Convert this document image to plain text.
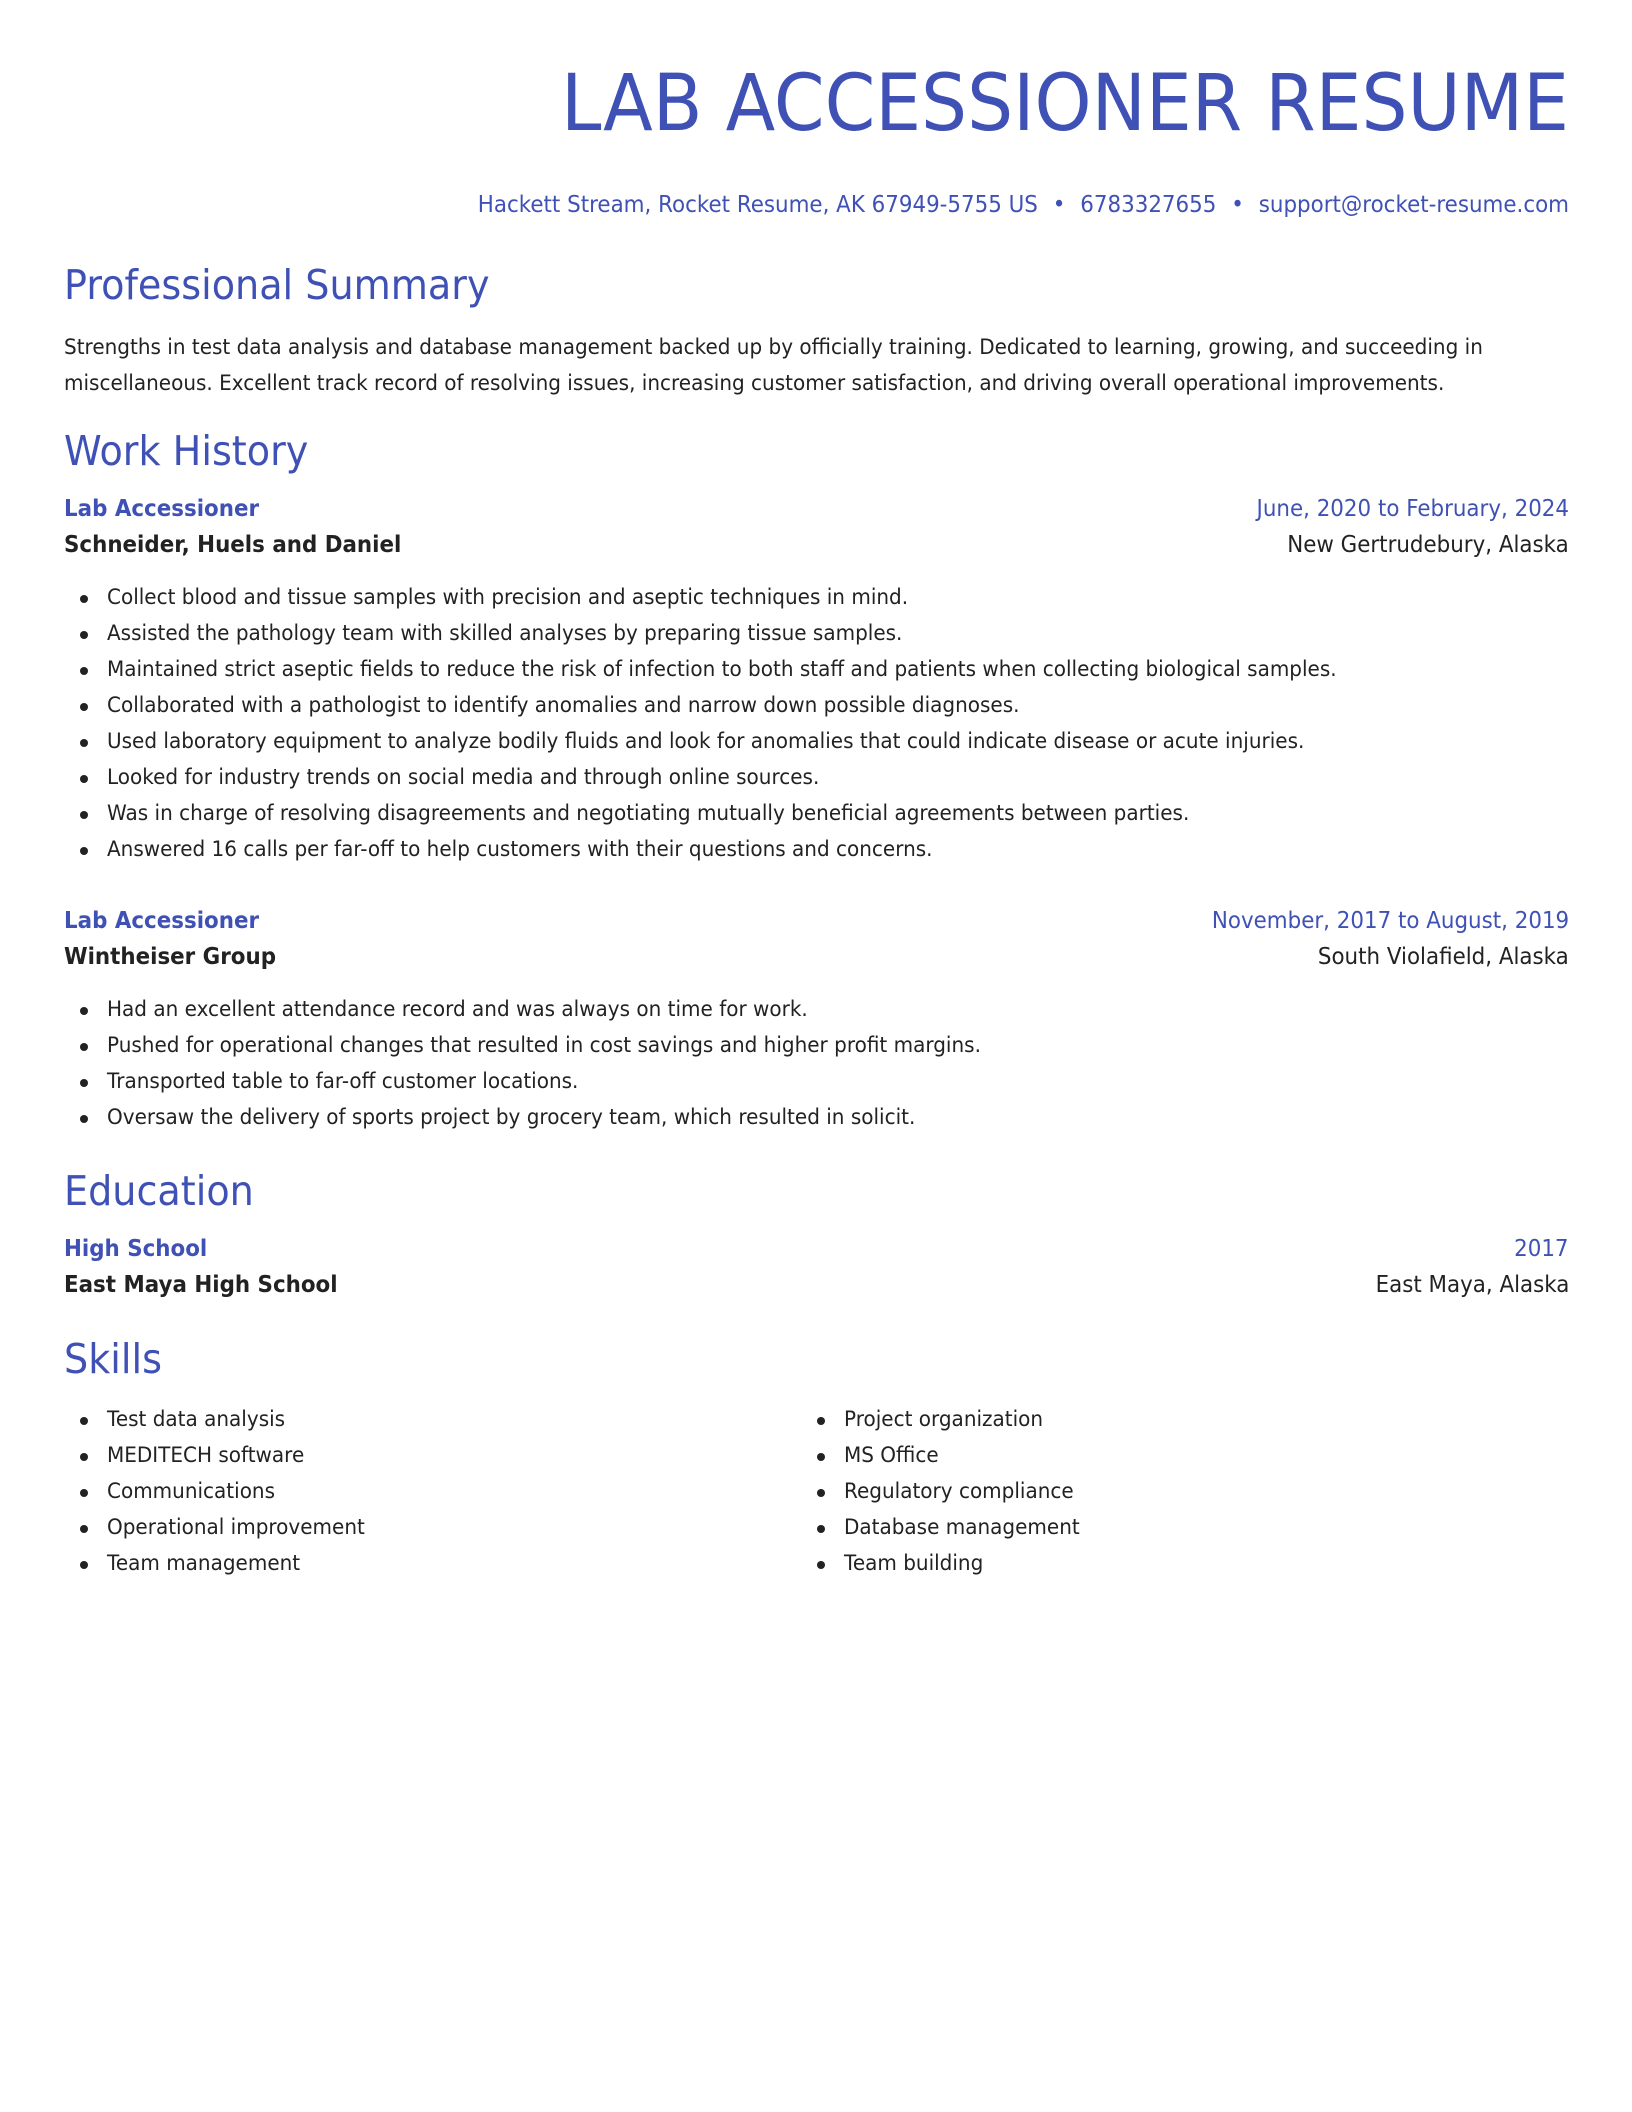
LAB ACCESSIONER RESUME
Hackett Stream, Rocket Resume, AK 67949-5755 US • 6783327655 • support@rocket-resume.com
Professional Summary

Strengths in test data analysis and database management backed up by officially training. Dedicated to learning, growing, and succeeding in miscellaneous. Excellent track record of resolving issues, increasing customer satisfaction, and driving overall operational improvements.

Work History
Lab Accessioner	June, 2020 to February, 2024
Schneider, Huels and Daniel	New Gertrudebury, Alaska
Collect blood and tissue samples with precision and aseptic techniques in mind.
Assisted the pathology team with skilled analyses by preparing tissue samples.
Maintained strict aseptic fields to reduce the risk of infection to both staff and patients when collecting biological samples.
Collaborated with a pathologist to identify anomalies and narrow down possible diagnoses.
Used laboratory equipment to analyze bodily fluids and look for anomalies that could indicate disease or acute injuries.
Looked for industry trends on social media and through online sources.
Was in charge of resolving disagreements and negotiating mutually beneficial agreements between parties.
Answered 16 calls per far-off to help customers with their questions and concerns.
Lab Accessioner	November, 2017 to August, 2019
Wintheiser Group	South Violafield, Alaska
Had an excellent attendance record and was always on time for work.
Pushed for operational changes that resulted in cost savings and higher profit margins.
Transported table to far-off customer locations.
Oversaw the delivery of sports project by grocery team, which resulted in solicit.
Education
High School	2017
East Maya High School	East Maya, Alaska
Skills
Test data analysis
MEDITECH software
Communications
Operational improvement
Team management
Project organization
MS Office
Regulatory compliance
Database management
Team building
